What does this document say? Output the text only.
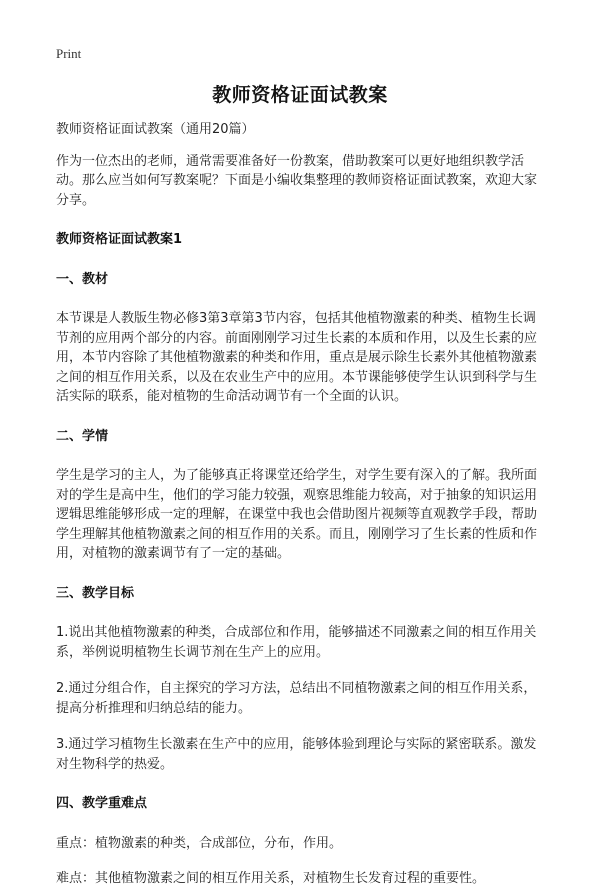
Print
教师资格证面试教案

教师资格证面试教案（通用20篇）

作为一位杰出的老师，通常需要准备好一份教案，借助教案可以更好地组织教学活动。那么应当如何写教案呢？下面是小编收集整理的教师资格证面试教案，欢迎大家分享。

教师资格证面试教案1
一、教材

本节课是人教版生物必修3第3章第3节内容，包括其他植物激素的种类、植物生长调节剂的应用两个部分的内容。前面刚刚学习过生长素的本质和作用，以及生长素的应用，本节内容除了其他植物激素的种类和作用，重点是展示除生长素外其他植物激素之间的相互作用关系，以及在农业生产中的应用。本节课能够使学生认识到科学与生活实际的联系，能对植物的生命活动调节有一个全面的认识。

二、学情

学生是学习的主人，为了能够真正将课堂还给学生，对学生要有深入的了解。我所面对的学生是高中生，他们的学习能力较强，观察思维能力较高，对于抽象的知识运用逻辑思维能够形成一定的理解，在课堂中我也会借助图片视频等直观教学手段，帮助学生理解其他植物激素之间的相互作用的关系。而且，刚刚学习了生长素的性质和作用，对植物的激素调节有了一定的基础。

三、教学目标

1.说出其他植物激素的种类，合成部位和作用，能够描述不同激素之间的相互作用关系，举例说明植物生长调节剂在生产上的应用。

2.通过分组合作，自主探究的学习方法，总结出不同植物激素之间的相互作用关系，提高分析推理和归纳总结的能力。

3.通过学习植物生长激素在生产中的应用，能够体验到理论与实际的紧密联系。激发对生物科学的热爱。

四、教学重难点

重点：植物激素的种类，合成部位，分布，作用。

难点：其他植物激素之间的相互作用关系，对植物生长发育过程的重要性。
